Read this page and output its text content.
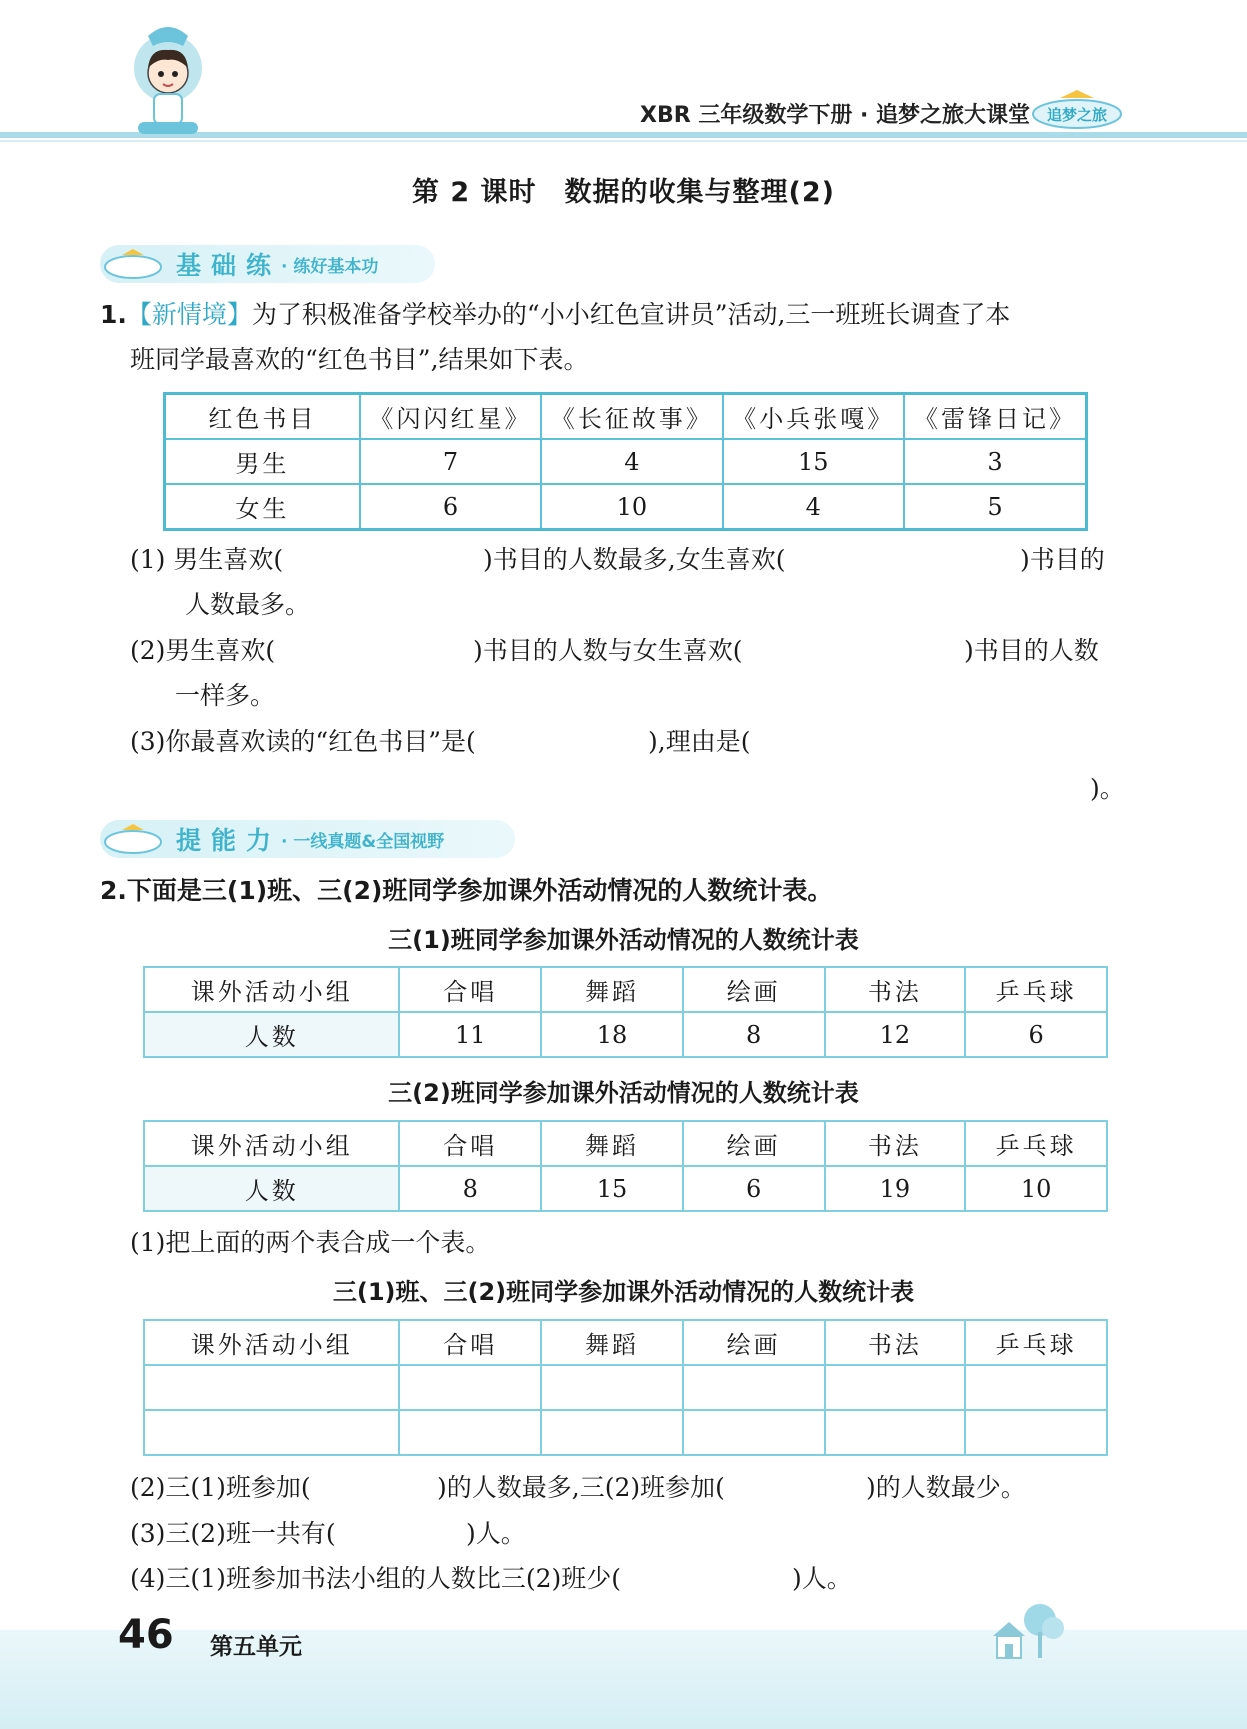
XBR 三年级数学下册 · 追梦之旅大课堂 追梦之旅
第 2 课时　数据的收集与整理(2)
基础练 · 练好基本功
1.【新情境】为了积极准备学校举办的“小小红色宣讲员”活动,三一班班长调查了本
班同学最喜欢的“红色书目”,结果如下表。
红色书目	《闪闪红星》	《长征故事》	《小兵张嘎》	《雷锋日记》
男生	7	4	15	3
女生	6	10	4	5
(1) 男生喜欢(	)书目的人数最多,女生喜欢(	)书目的
人数最多。
(2)男生喜欢(	)书目的人数与女生喜欢(	)书目的人数
一样多。
(3)你最喜欢读的“红色书目”是(	),理由是(
)。
提能力 · 一线真题&全国视野
2.下面是三(1)班、三(2)班同学参加课外活动情况的人数统计表。
三(1)班同学参加课外活动情况的人数统计表
课外活动小组	合唱	舞蹈	绘画	书法	乒乓球
人数	11	18	8	12	6
三(2)班同学参加课外活动情况的人数统计表
课外活动小组	合唱	舞蹈	绘画	书法	乒乓球
人数	8	15	6	19	10
(1)把上面的两个表合成一个表。
三(1)班、三(2)班同学参加课外活动情况的人数统计表
课外活动小组	合唱	舞蹈	绘画	书法	乒乓球

(2)三(1)班参加(	)的人数最多,三(2)班参加(	)的人数最少。
(3)三(2)班一共有(	)人。
(4)三(1)班参加书法小组的人数比三(2)班少(	)人。
46 第五单元
